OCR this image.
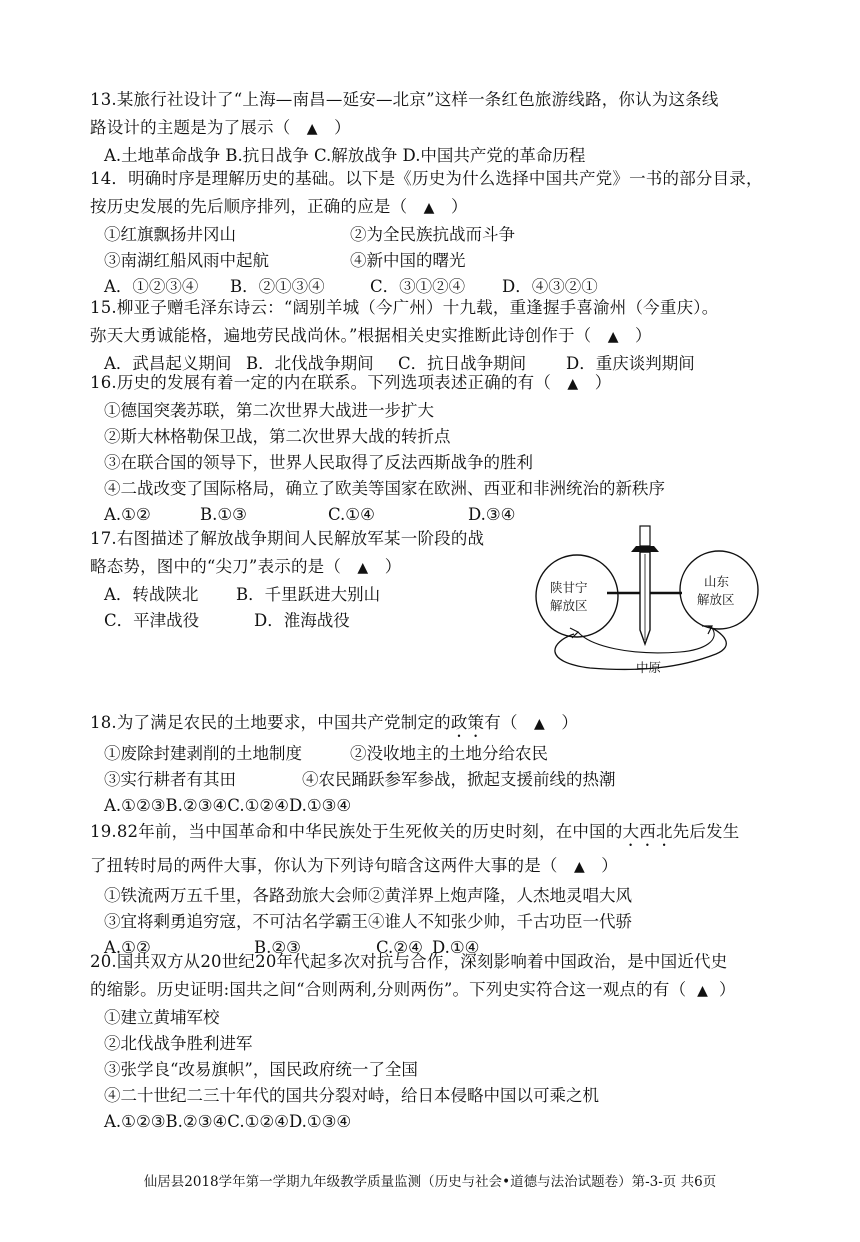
13.某旅行社设计了“上海—南昌—延安—北京”这样一条红色旅游线路，你认为这条线
路设计的主题是为了展示（ ▲ ）
A.土地革命战争 B.抗日战争 C.解放战争 D.中国共产党的革命历程
14．明确时序是理解历史的基础。以下是《历史为什么选择中国共产党》一书的部分目录，
按历史发展的先后顺序排列，正确的应是（ ▲ ）
①红旗飘扬井冈山	②为全民族抗战而斗争
③南湖红船风雨中起航	④新中国的曙光
A．①②③④	B．②①③④	C．③①②④	D．④③②①
15.柳亚子赠毛泽东诗云：“阔别羊城（今广州）十九载，重逢握手喜渝州（今重庆）。
弥天大勇诚能格，遍地劳民战尚休。”根据相关史实推断此诗创作于（ ▲ ）
A．武昌起义期间 B．北伐战争期间	C．抗日战争期间	D．重庆谈判期间
16.历史的发展有着一定的内在联系。下列选项表述正确的有（ ▲ ）
①德国突袭苏联，第二次世界大战进一步扩大
②斯大林格勒保卫战，第二次世界大战的转折点
③在联合国的领导下，世界人民取得了反法西斯战争的胜利
④二战改变了国际格局，确立了欧美等国家在欧洲、西亚和非洲统治的新秩序
A.①②	B.①③	C.①④	D.③④
17.右图描述了解放战争期间人民解放军某一阶段的战
略态势，图中的“尖刀”表示的是（ ▲ ）
A．转战陕北	B．千里跃进大别山
C．平津战役	D．淮海战役
陕甘宁
解放区
山东
解放区
中原
18.为了满足农民的土地要求，中国共产党制定的政策有（ ▲ ）
①废除封建剥削的土地制度	②没收地主的土地分给农民
③实行耕者有其田	④农民踊跃参军参战，掀起支援前线的热潮
A.①②③B.②③④C.①②④D.①③④
19.82年前，当中国革命和中华民族处于生死攸关的历史时刻，在中国的大西北先后发生
了扭转时局的两件大事，你认为下列诗句暗含这两件大事的是（ ▲ ）
①铁流两万五千里，各路劲旅大会师②黄洋界上炮声隆，人杰地灵唱大风
③宜将剩勇追穷寇，不可沽名学霸王④谁人不知张少帅，千古功臣一代骄
A.①②	B.②③	C.②④ D.①④
20.国共双方从20世纪20年代起多次对抗与合作，深刻影响着中国政治，是中国近代史
的缩影。历史证明:国共之间“合则两利,分则两伤”。下列史实符合这一观点的有（ ▲ ）
①建立黄埔军校
②北伐战争胜利进军
③张学良“改易旗帜”，国民政府统一了全国
④二十世纪二三十年代的国共分裂对峙，给日本侵略中国以可乘之机
A.①②③B.②③④C.①②④D.①③④
仙居县2018学年第一学期九年级教学质量监测（历史与社会•道德与法治试题卷）第-3-页 共6页
